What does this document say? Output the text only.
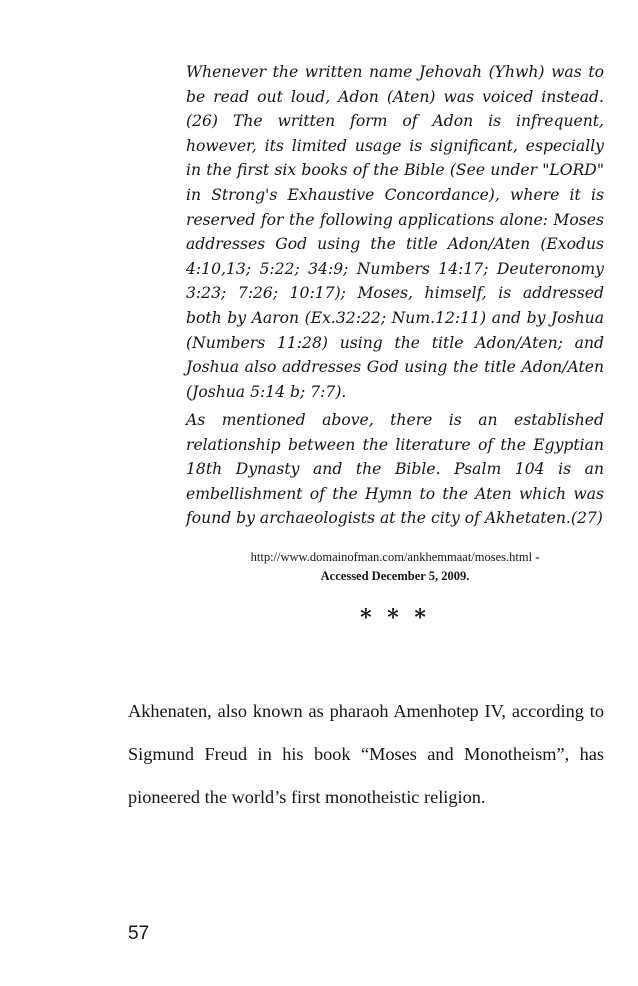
Whenever the written name Jehovah (Yhwh) was to be read out loud, Adon (Aten) was voiced instead.(26) The written form of Adon is infrequent, however, its limited usage is significant, especially in the first six books of the Bible (See under "LORD" in Strong's Exhaustive Concordance), where it is reserved for the following applications alone: Moses addresses God using the title Adon/Aten (Exodus 4:10,13; 5:22; 34:9; Numbers 14:17; Deuteronomy 3:23; 7:26; 10:17); Moses, himself, is addressed both by Aaron (Ex.32:22; Num.12:11) and by Joshua (Numbers 11:28) using the title Adon/Aten; and Joshua also addresses God using the title Adon/Aten (Joshua 5:14 b; 7:7).

As mentioned above, there is an established relationship between the literature of the Egyptian 18th Dynasty and the Bible. Psalm 104 is an embellishment of the Hymn to the Aten which was found by archaeologists at the city of Akhetaten.(27)

http://www.domainofman.com/ankhemmaat/moses.html -
Accessed December 5, 2009.
* * *

Akhenaten, also known as pharaoh Amenhotep IV, according to Sigmund Freud in his book “Moses and Monotheism”, has pioneered the world’s first monotheistic religion.

57
